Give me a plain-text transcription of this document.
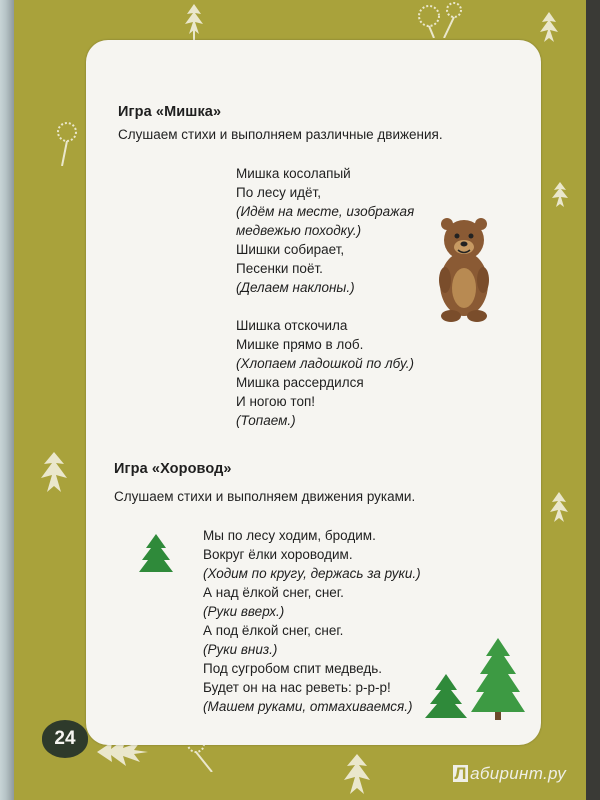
Игра «Мишка»
Слушаем стихи и выполняем различные движения.
Мишка косолапый
По лесу идёт,
(Идём на месте, изображая
медвежью походку.)
Шишки собирает,
Песенки поёт.
(Делаем наклоны.)

Шишка отскочила
Мишке прямо в лоб.
(Хлопаем ладошкой по лбу.)
Мишка рассердился
И ногою топ!
(Топаем.)
Игра «Хоровод»
Слушаем стихи и выполняем движения руками.
Мы по лесу ходим, бродим.
Вокруг ёлки хороводим.
(Ходим по кругу, держась за руки.)
А над ёлкой снег, снег.
(Руки вверх.)
А под ёлкой снег, снег.
(Руки вниз.)
Под сугробом спит медведь.
Будет он на нас реветь: р-р-р!
(Машем руками, отмахиваемся.)
24
Л абиринт.ру
